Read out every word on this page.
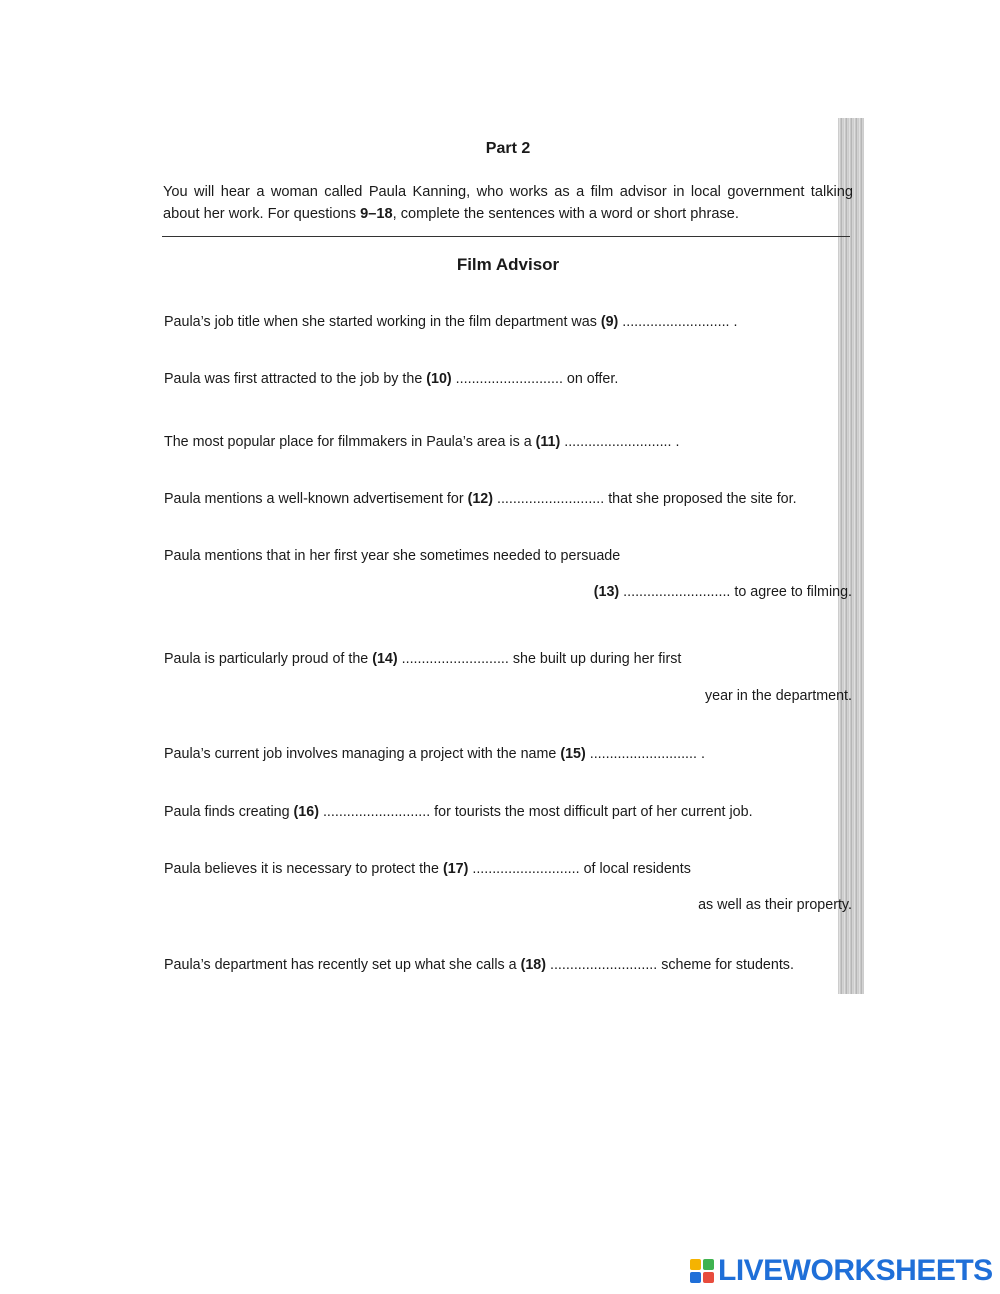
Part 2
You will hear a woman called Paula Kanning, who works as a film advisor in local government talking about her work. For questions 9–18, complete the sentences with a word or short phrase.
Film Advisor
Paula’s job title when she started working in the film department was (9) ........................... .
Paula was first attracted to the job by the (10) ........................... on offer.
The most popular place for filmmakers in Paula’s area is a (11) ........................... .
Paula mentions a well-known advertisement for (12) ........................... that she proposed the site for.
Paula mentions that in her first year she sometimes needed to persuade
(13) ........................... to agree to filming.
Paula is particularly proud of the (14) ........................... she built up during her first
year in the department.
Paula’s current job involves managing a project with the name (15) ........................... .
Paula finds creating (16) ........................... for tourists the most difficult part of her current job.
Paula believes it is necessary to protect the (17) ........................... of local residents
as well as their property.
Paula’s department has recently set up what she calls a (18) ........................... scheme for students.
LIVEWORKSHEETS
